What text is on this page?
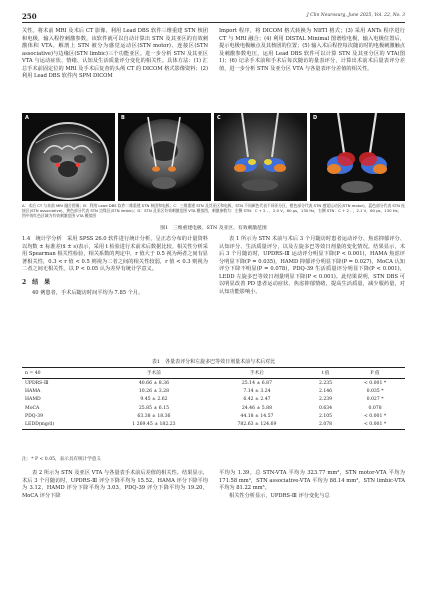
250	J Clin Neurosurg, June 2025, Vol. 22, No. 3

关性。将术前 MRI 及术后 CT 影像，利用 Lead DBS 软件三维重建 STN 核团和电极，输入程控刺激参数，该软件就可以自动计算出 STN 及其亚区的有效刺激体积 VTA。解剖上 STN 被分为感觉运动区(STN motor)、连接区(STN associative)与边缘区(STN limbic)三个功能亚区。进一步分析 STN 及其亚区 VTA 与运动症状、情绪、认知及生活质量评分变化的相关性。具体方法：(1) 汇总手术前固定位的 MRI 及手术后复查的头颅 CT 的 DICOM 格式影像资料；(2) 利用 Lead DBS 软件内 SPM DICOM

Import 程序，将 DICOM 格式转换为 NIfTI 格式；(3) 采用 ANTs 程序进行 CT 与 MRI 融合；(4) 利用 DISTAL Minimal 图谱绘电极，输入电极位置后，提示电极电极触点及其核团的位置；(5) 输入术后程控每次随访时的电极刺激触点及刺激参数电压，运用 Lead DBS 软件可以计算 STN 及其亚分区的 VTA(图1)；(6) 记录手术前和手术后每次随访的量表评分，计算出术前术后量表评分差值，进一步分析 STN 及亚分区 VTA 与各量表评分差值的相关性。

A	B	C	D
A：术后 CT 与术前 MRI 融合图像；B：利用 Lead DBS 软件二维重建 STN 核团和电极；C：三维重建 STN 及其亚区和电极，STN 不同颜色代表不同亚分区，橙色部分代表 STN 感觉运动区(STN motor)，蓝色部分代表 STN 连接区(STN associative)，黄色部分代表 STN 边缘区(STN limbic)；D：STN 及亚区有效刺激范围 VTA 模拟图，刺激参数为：左侧 STN：C + 2 - ，2.0 V，60 μs，130 Hz，右侧 STN：C + 2 - ，2.1 V，60 μs，130 Hz，图中的红色区域为有效刺激范围 VTA 模拟图
图1　三维重建电极、STN 及亚区、有效刺激范围

1.4　统计学分析　采用 SPSS 26.0 软件进行统计分析，呈正态分布的计量资料以均数 ± 标准差(x̄ ± s)表示，采用 t 检验进行术前术后数据比较。相关性分析采用 Spearman 相关性检验，相关系数的判定中，r 值大于 0.5 视为两者之间有显著相关性，0.3 < r 值 < 0.5 则视为二者之间的相关性较弱，r 值 < 0.3 则视为二者之间无相关性。以 P < 0.05 认为差异有统计学意义。

2　结　果

40 例患者，手术后随访时间平均为 7.85 个月。

表 1 所示为 STN 术前与术后 3 个月随访时患者运动评分、焦虑抑郁评分、认知评分、生活质量评分，以及左旋多巴等效日剂量的变化情况。结果显示，术后 3 个月随访时，UPDRS-Ⅲ 运动评分明显下降(P < 0.001)，HAMA 焦虑评分明显下降(P = 0.035)，HAMD 抑郁评分明显下降(P = 0.027)，MoCA 认知评分下降不明显(P = 0.078)，PDQ-39 生活质量评分明显下降(P < 0.001)，LEDD 左旋多巴等效日剂量明显下降(P < 0.001)。此结果说明，STN DBS 可以明显改善 PD 患者运动症状、焦虑抑郁情绪，提高生活质量，减少服药量，对认知功能影响小。

表1　各量表评分和左旋多巴等效日剂量术前与术后对比
n = 40	手术前	手术后	t 值	P 值
UPDRS-Ⅲ	40.66 ± 8.36	25.14 ± 6.87	2.235	< 0.001 *
HAMA	10.26 ± 3.28	7.14 ± 3.24	2.146	0.035 *
HAMD	9.45 ± 2.62	6.42 ± 2.47	2.239	0.027 *
MoCA	25.85 ± 6.15	24.46 ± 5.88	0.634	0.078
PDQ-39	63.38 ± 18.36	44.18 ± 14.57	2.105	< 0.001 *
LEDD(mg/d)	1 269.45 ± 182.23	782.63 ± 124.69	2.078	< 0.001 *
注：* P < 0.05，表示具有统计学意义

表 2 所示为 STN 及亚区 VTA 与各量表手术前后差值的相关性。结果显示，术后 3 个月随访时，UPDRS-Ⅲ 评分下降平均为 15.52，HAMA 评分下降平均为 3.12，HAMD 评分下降平均为 3.03，PDQ-39 评分下降平均为 19.20，MoCA 评分下降

平均为 1.39。总 STN-VTA 平均为 323.77 mm³，STN motor-VTA 平均为 171.58 mm³，STN associative-VTA 平均为 88.14 mm³，STN limbic-VTA 平均为 81.22 mm³。

相关性分析显示，UPDRS-Ⅲ 评分变化与总
